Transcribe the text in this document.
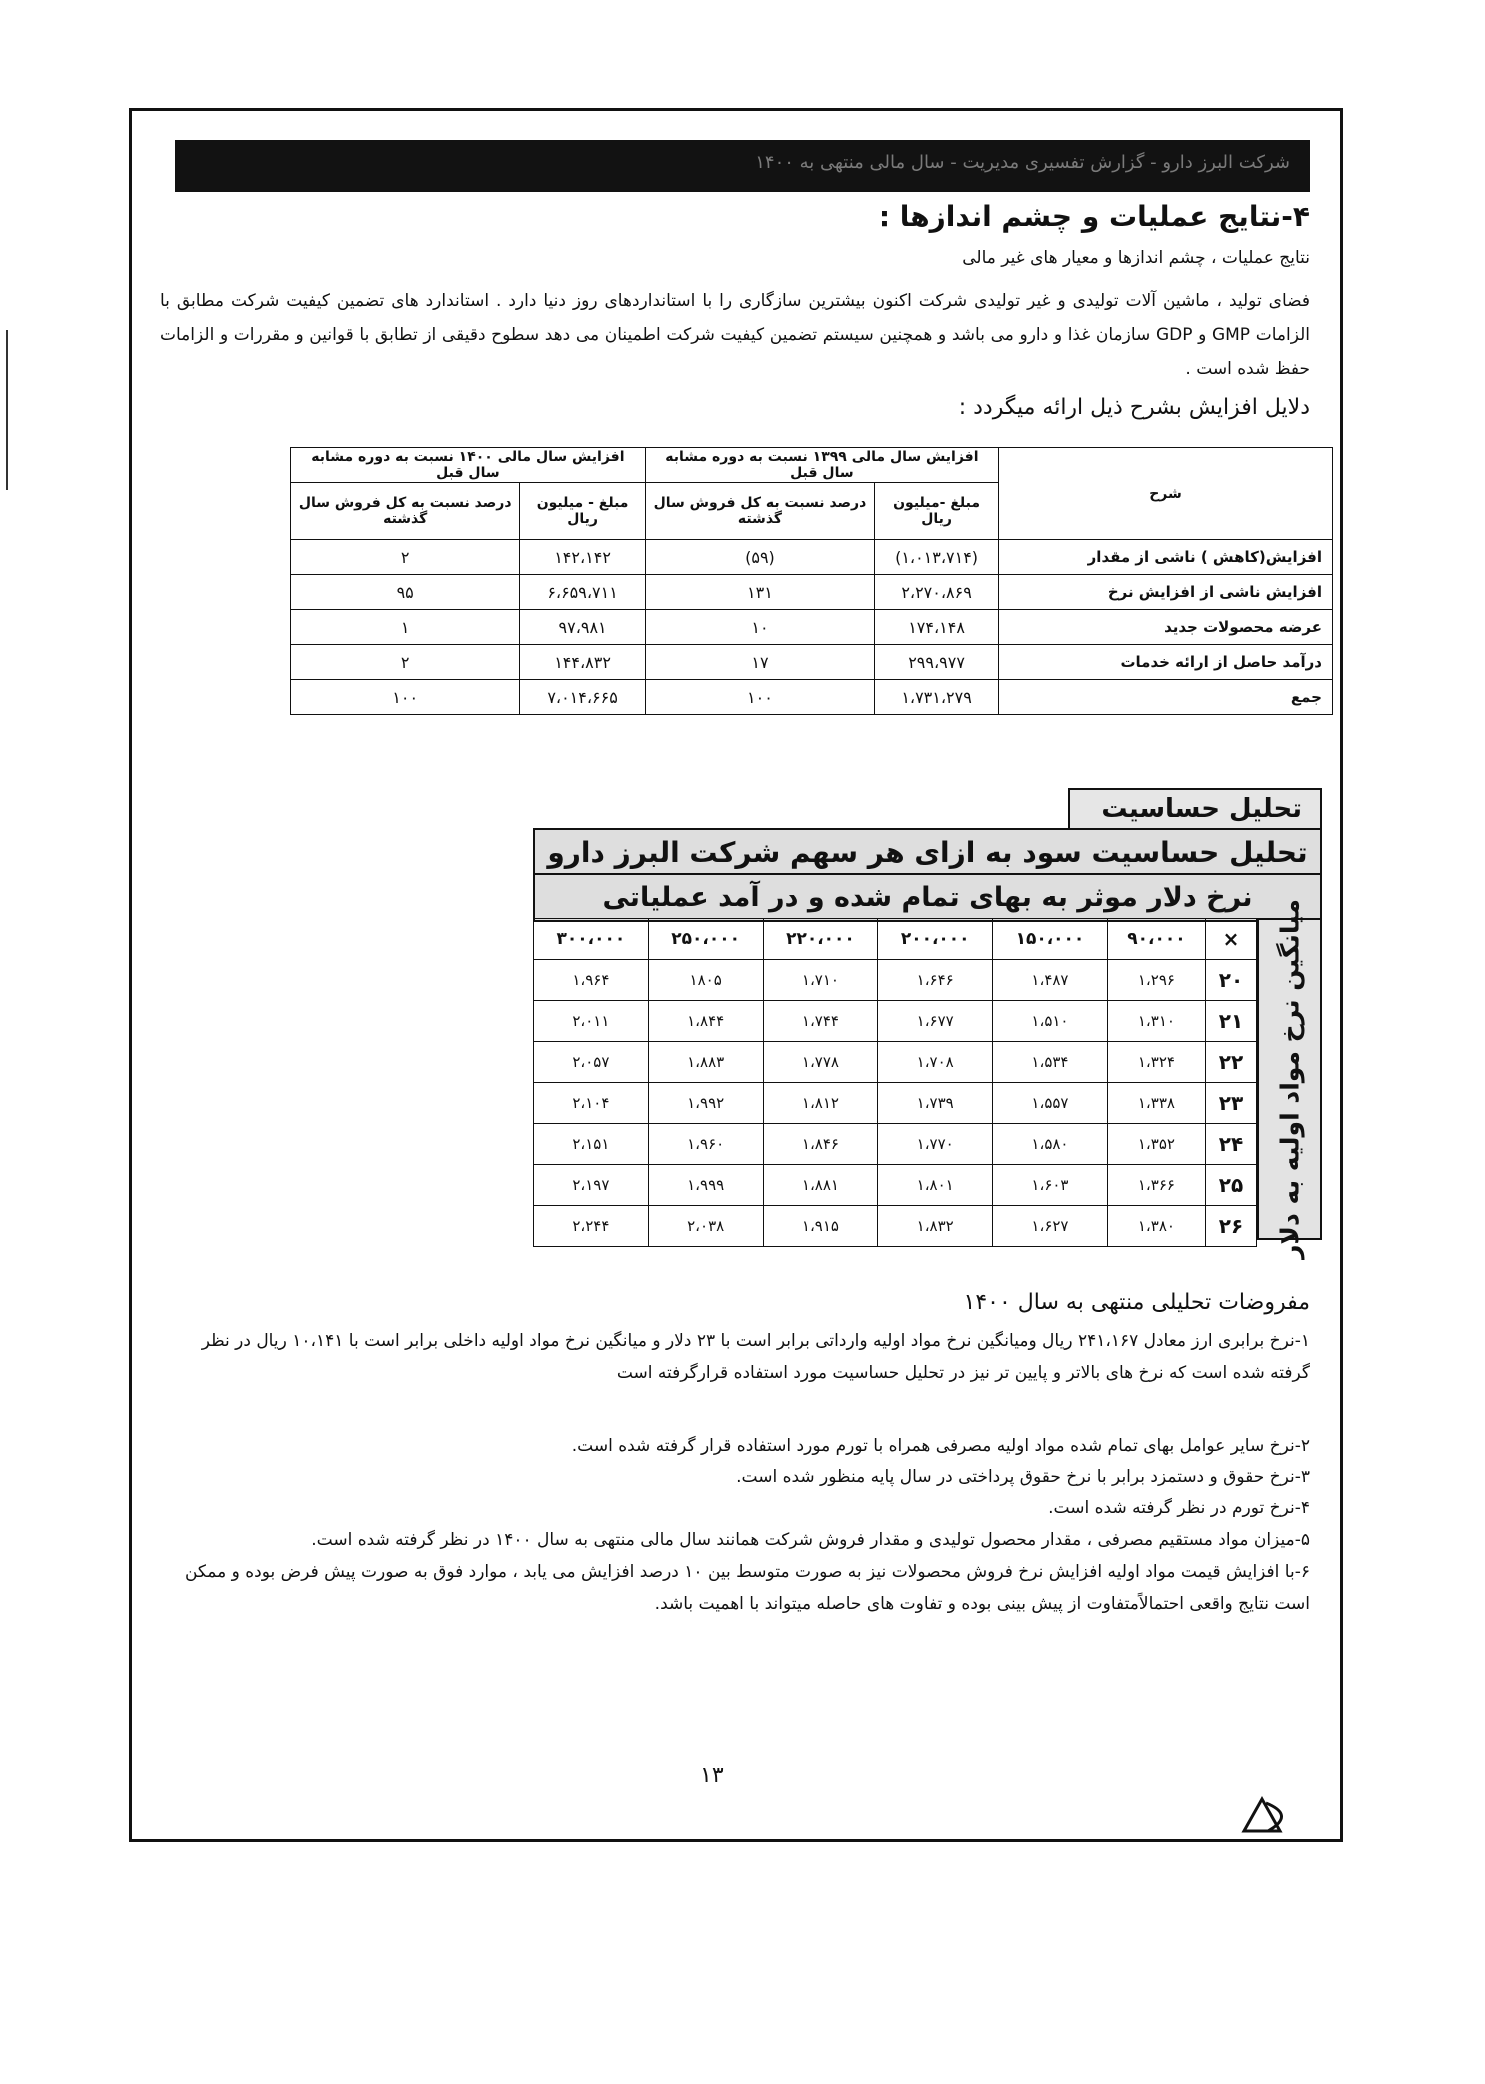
شرکت البرز دارو - گزارش تفسیری مدیریت - سال مالی منتهی به ۱۴۰۰
۴-نتایج عملیات و چشم اندازها :
نتایج عملیات ، چشم اندازها و معیار های غیر مالی
فضای تولید ، ماشین آلات تولیدی و غیر تولیدی شرکت اکنون بیشترین سازگاری را با استانداردهای روز دنیا دارد . استاندارد های تضمین کیفیت شرکت مطابق با الزامات GMP و GDP سازمان غذا و دارو می باشد و همچنین سیستم تضمین کیفیت شرکت اطمینان می دهد سطوح دقیقی از تطابق با قوانین و مقررات و الزامات حفظ شده است .
دلایل افزایش بشرح ذیل ارائه میگردد :
شرح	افزایش سال مالی ۱۳۹۹ نسبت به دوره مشابه سال قبل		افزایش سال مالی ۱۴۰۰ نسبت به دوره مشابه سال قبل	
	مبلغ -میلیون ریال	درصد نسبت به کل فروش سال گذشته	مبلغ - میلیون ریال	درصد نسبت به کل فروش سال گذشته
افزایش(کاهش ) ناشی از مقدار	(۱،۰۱۳،۷۱۴)	(۵۹)	۱۴۲،۱۴۲	۲
افزایش ناشی از افزایش نرخ	۲،۲۷۰،۸۶۹	۱۳۱	۶،۶۵۹،۷۱۱	۹۵
عرضه محصولات جدید	۱۷۴،۱۴۸	۱۰	۹۷،۹۸۱	۱
درآمد حاصل از ارائه خدمات	۲۹۹،۹۷۷	۱۷	۱۴۴،۸۳۲	۲
جمع	۱،۷۳۱،۲۷۹	۱۰۰	۷،۰۱۴،۶۶۵	۱۰۰
تحلیل حساسیت
تحلیل حساسیت سود به ازای هر سهم شرکت البرز دارو
نرخ دلار موثر به بهای تمام شده و در آمد عملیاتی
×	۹۰،۰۰۰	۱۵۰،۰۰۰	۲۰۰،۰۰۰	۲۲۰،۰۰۰	۲۵۰،۰۰۰	۳۰۰،۰۰۰
۲۰	۱،۲۹۶	۱،۴۸۷	۱،۶۴۶	۱،۷۱۰	۱۸۰۵	۱،۹۶۴
۲۱	۱،۳۱۰	۱،۵۱۰	۱،۶۷۷	۱،۷۴۴	۱،۸۴۴	۲،۰۱۱
۲۲	۱،۳۲۴	۱،۵۳۴	۱،۷۰۸	۱،۷۷۸	۱،۸۸۳	۲،۰۵۷
۲۳	۱،۳۳۸	۱،۵۵۷	۱،۷۳۹	۱،۸۱۲	۱،۹۹۲	۲،۱۰۴
۲۴	۱،۳۵۲	۱،۵۸۰	۱،۷۷۰	۱،۸۴۶	۱،۹۶۰	۲،۱۵۱
۲۵	۱،۳۶۶	۱،۶۰۳	۱،۸۰۱	۱،۸۸۱	۱،۹۹۹	۲،۱۹۷
۲۶	۱،۳۸۰	۱،۶۲۷	۱،۸۳۲	۱،۹۱۵	۲،۰۳۸	۲،۲۴۴	میانگین نرخ مواد اولیه به دلار
مفروضات تحلیلی منتهی به سال ۱۴۰۰
۱-نرخ برابری ارز معادل ۲۴۱،۱۶۷ ریال ومیانگین نرخ مواد اولیه وارداتی برابر است با ۲۳ دلار و میانگین نرخ مواد اولیه داخلی برابر است با ۱۰،۱۴۱ ریال در نظر گرفته شده است که نرخ های بالاتر و پایین تر نیز در تحلیل حساسیت مورد استفاده قرارگرفته است
۲-نرخ سایر عوامل بهای تمام شده مواد اولیه مصرفی همراه با تورم مورد استفاده قرار گرفته شده است.
۳-نرخ حقوق و دستمزد برابر با نرخ حقوق پرداختی در سال پایه منظور شده است.
۴-نرخ تورم در نظر گرفته شده است.
۵-میزان مواد مستقیم مصرفی ، مقدار محصول تولیدی و مقدار فروش شرکت همانند سال مالی منتهی به سال ۱۴۰۰ در نظر گرفته شده است.
۶-با افزایش قیمت مواد اولیه افزایش نرخ فروش محصولات نیز به صورت متوسط بین ۱۰ درصد افزایش می یابد ، موارد فوق به صورت پیش فرض بوده و ممکن است نتایج واقعی احتمالاًمتفاوت از پیش بینی بوده و تفاوت های حاصله میتواند با اهمیت باشد.
۱۳
